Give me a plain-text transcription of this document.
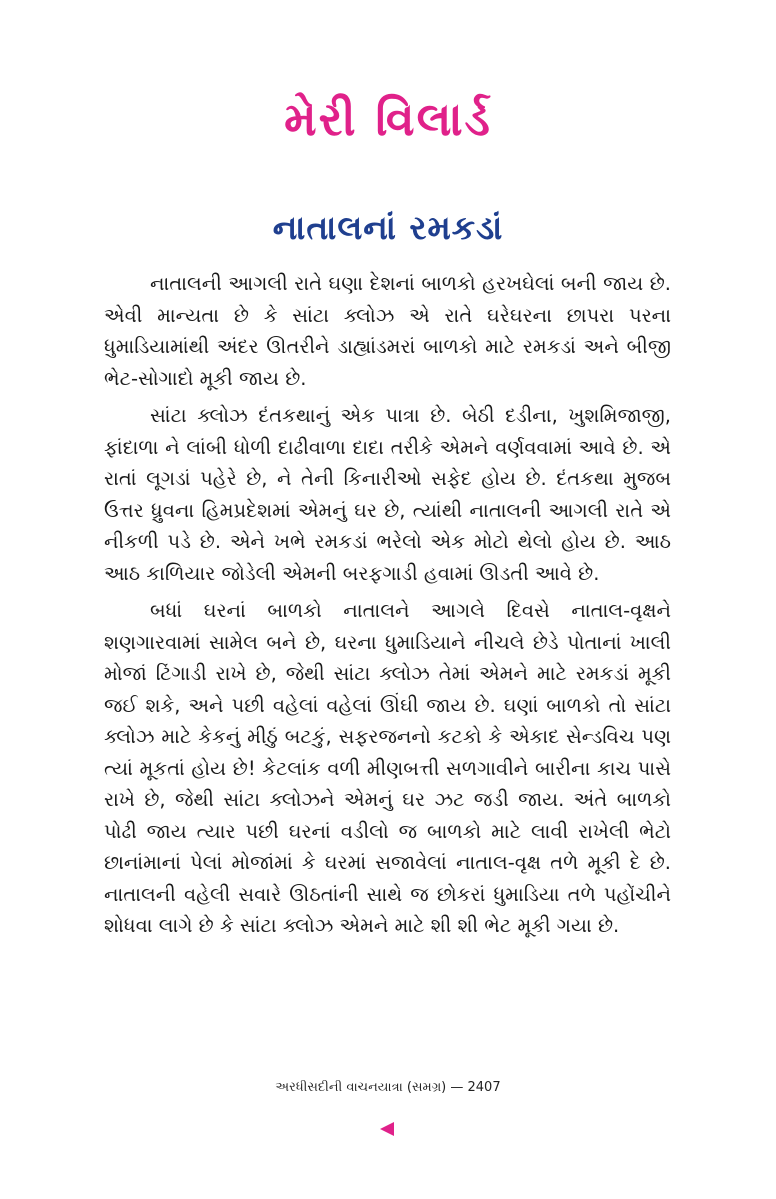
મેરી વિલાર્ડ
નાતાલનાં રમકડાં

નાતાલની આગલી રાતે ઘણા દેશનાં બાળકો હરખઘેલાં બની જાય છે. એવી માન્યતા છે કે સાંટા ક્લોઝ એ રાતે ઘરેઘરના છાપરા પરના ધુમાડિયામાંથી અંદર ઊતરીને ડાહ્યાંડમરાં બાળકો માટે રમકડાં અને બીજી ભેટ-સોગાદો મૂકી જાય છે.

સાંટા ક્લોઝ દંતકથાનું એક પાત્રા છે. બેઠી દડીના, ખુશમિજાજી, ફાંદાળા ને લાંબી ધોળી દાઢીવાળા દાદા તરીકે એમને વર્ણવવામાં આવે છે. એ રાતાં લૂગડાં પહેરે છે, ને તેની કિનારીઓ સફેદ હોય છે. દંતકથા મુજબ ઉત્તર ધ્રુવના હિમપ્રદેશમાં એમનું ઘર છે, ત્યાંથી નાતાલની આગલી રાતે એ નીકળી પડે છે. એને ખભે રમકડાં ભરેલો એક મોટો થેલો હોય છે. આઠ આઠ કાળિયાર જોડેલી એમની બરફગાડી હવામાં ઊડતી આવે છે.

બધાં ઘરનાં બાળકો નાતાલને આગલે દિવસે નાતાલ-વૃક્ષને શણગારવામાં સામેલ બને છે, ઘરના ધુમાડિયાને નીચલે છેડે પોતાનાં ખાલી મોજાં ટિંગાડી રાખે છે, જેથી સાંટા ક્લોઝ તેમાં એમને માટે રમકડાં મૂકી જઈ શકે, અને પછી વહેલાં વહેલાં ઊંઘી જાય છે. ઘણાં બાળકો તો સાંટા ક્લોઝ માટે કેકનું મીઠું બટકું, સફરજનનો કટકો કે એકાદ સેન્ડવિચ પણ ત્યાં મૂકતાં હોય છે! કેટલાંક વળી મીણબત્તી સળગાવીને બારીના કાચ પાસે રાખે છે, જેથી સાંટા ક્લોઝને એમનું ઘર ઝટ જડી જાય. અંતે બાળકો પોઢી જાય ત્યાર પછી ઘરનાં વડીલો જ બાળકો માટે લાવી રાખેલી ભેટો છાનાંમાનાં પેલાં મોજાંમાં કે ઘરમાં સજાવેલાં નાતાલ-વૃક્ષ તળે મૂકી દે છે. નાતાલની વહેલી સવારે ઊઠતાંની સાથે જ છોકરાં ધુમાડિયા તળે પહોંચીને શોધવા લાગે છે કે સાંટા ક્લોઝ એમને માટે શી શી ભેટ મૂકી ગયા છે.

અરધીસદીની વાચનયાત્રા (સમગ્ર) — 2407
